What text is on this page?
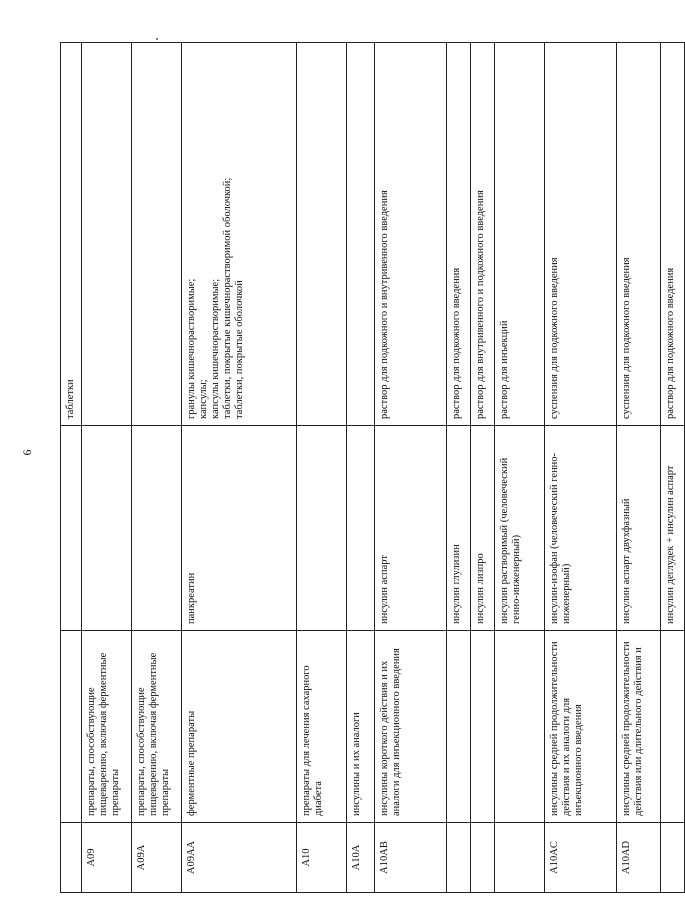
6

			таблетки

A09	препараты, способствующие пищеварению, включая ферментные препараты		
A09A	препараты, способствующие пищеварению, включая ферментные препараты		
A09AA	ферментные препараты	панкреатин	гранулы кишечнорастворимые; капсулы; капсулы кишечнорастворимые; таблетки, покрытые кишечнорастворимой оболочкой; таблетки, покрытые оболочкой

A10	препараты для лечения сахарного диабета		
A10A	инсулины и их аналоги		
A10AB	инсулины короткого действия и их аналоги для инъекционного введения	инсулин аспарт	раствор для подкожного и внутривенного введения

		инсулин глулизин	раствор для подкожного введения

		инсулин лизпро	раствор для внутривенного и подкожного введения

		инсулин растворимый (человеческий генно-инженерный)	раствор для инъекций

A10AC	инсулины средней продолжительности действия и их аналоги для инъекционного введения	инсулин-изофан (человеческий генно-инженерный)	суспензия для подкожного введения

A10AD	инсулины средней продолжительности действия или длительного действия и	инсулин аспарт двухфазный	суспензия для подкожного введения

		инсулин деглудек + инсулин аспарт	раствор для подкожного введения
